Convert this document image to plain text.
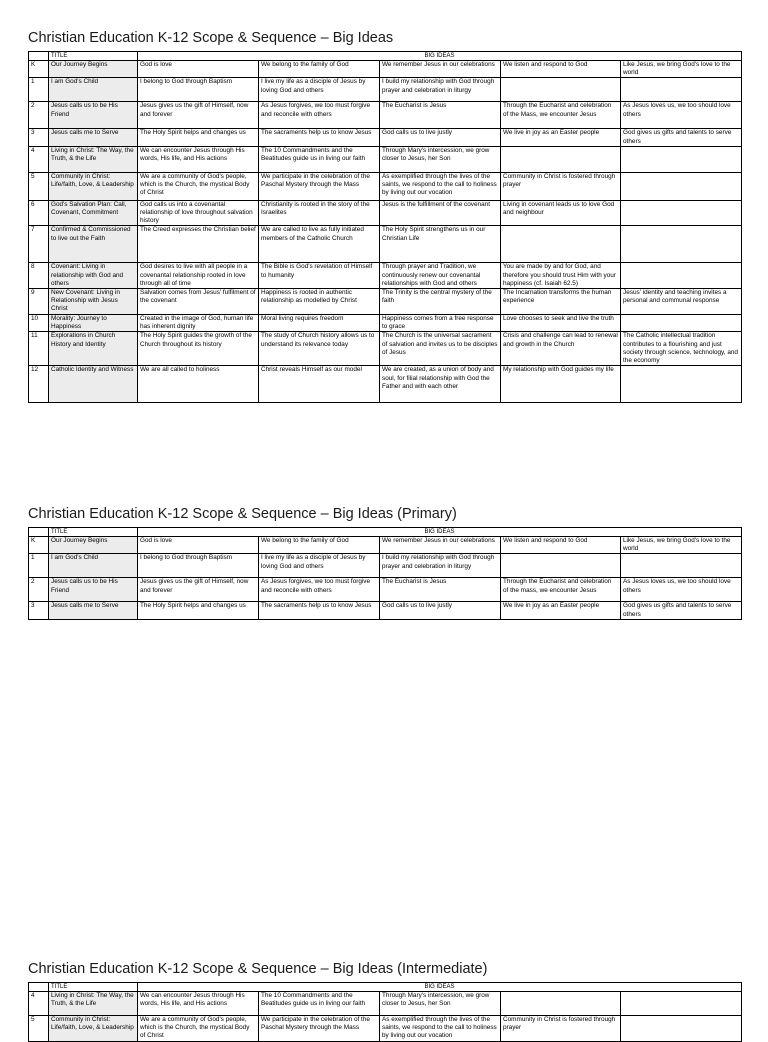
Christian Education K-12 Scope & Sequence – Big Ideas
	TITLE	BIG IDEAS				
K	Our Journey Begins	God is love	We belong to the family of God	We remember Jesus in our celebrations	We listen and respond to God	Like Jesus, we bring God's love to the world
1	I am God's Child	I belong to God through Baptism	I live my life as a disciple of Jesus by loving God and others	I build my relationship with God through prayer and celebration in liturgy		
2	Jesus calls us to be His Friend	Jesus gives us the gift of Himself, now and forever	As Jesus forgives, we too must forgive and reconcile with others	The Eucharist is Jesus	Through the Eucharist and celebration of the Mass, we encounter Jesus	As Jesus loves us, we too should love others
3	Jesus calls me to Serve	The Holy Spirit helps and changes us	The sacraments help us to know Jesus	God calls us to live justly	We live in joy as an Easter people	God gives us gifts and talents to serve others
4	Living in Christ: The Way, the Truth, & the Life	We can encounter Jesus through His words, His life, and His actions	The 10 Commandments and the Beatitudes guide us in living our faith	Through Mary's intercession, we grow closer to Jesus, her Son		
5	Community in Christ: Life/faith, Love, & Leadership	We are a community of God's people, which is the Church, the mystical Body of Christ	We participate in the celebration of the Paschal Mystery through the Mass	As exemplified through the lives of the saints, we respond to the call to holiness by living out our vocation	Community in Christ is fostered through prayer	
6	God's Salvation Plan: Call, Covenant, Commitment	God calls us into a covenantal relationship of love throughout salvation history	Christianity is rooted in the story of the Israelites	Jesus is the fulfillment of the covenant	Living in covenant leads us to love God and neighbour	
7	Confirmed & Commissioned to live out the Faith	The Creed expresses the Christian belief	We are called to live as fully initiated members of the Catholic Church	The Holy Spirit strengthens us in our Christian Life		
8	Covenant: Living in relationship with God and others	God desires to live with all people in a covenantal relationship rooted in love through all of time	The Bible is God's revelation of Himself to humanity	Through prayer and Tradition, we continuously renew our covenantal relationships with God and others	You are made by and for God, and therefore you should trust Him with your happiness (cf. Isaiah 62.5)	
9	New Covenant: Living in Relationship with Jesus Christ	Salvation comes from Jesus' fulfilment of the covenant	Happiness is rooted in authentic relationship as modelled by Christ	The Trinity is the central mystery of the faith	The Incarnation transforms the human experience	Jesus' identity and teaching invites a personal and communal response
10	Morality: Journey to Happiness	Created in the image of God, human life has inherent dignity	Moral living requires freedom	Happiness comes from a free response to grace	Love chooses to seek and live the truth	
11	Explorations in Church History and Identity	The Holy Spirit guides the growth of the Church throughout its history	The study of Church history allows us to understand its relevance today	The Church is the universal sacrament of salvation and invites us to be disciples of Jesus	Crisis and challenge can lead to renewal and growth in the Church	The Catholic intellectual tradition contributes to a flourishing and just society through science, technology, and the economy
12	Catholic Identity and Witness	We are all called to holiness	Christ reveals Himself as our model	We are created, as a union of body and soul, for filial relationship with God the Father and with each other	My relationship with God guides my life	
Christian Education K-12 Scope & Sequence – Big Ideas (Primary)
	TITLE	BIG IDEAS				
K	Our Journey Begins	God is love	We belong to the family of God	We remember Jesus in our celebrations	We listen and respond to God	Like Jesus, we bring God's love to the world
1	I am God's Child	I belong to God through Baptism	I live my life as a disciple of Jesus by loving God and others	I build my relationship with God through prayer and celebration in liturgy		
2	Jesus calls us to be His Friend	Jesus gives us the gift of Himself, now and forever	As Jesus forgives, we too must forgive and reconcile with others	The Eucharist is Jesus	Through the Eucharist and celebration of the mass, we encounter Jesus	As Jesus loves us, we too should love others
3	Jesus calls me to Serve	The Holy Spirit helps and changes us	The sacraments help us to know Jesus	God calls us to live justly	We live in joy as an Easter people	God gives us gifts and talents to serve others
Christian Education K-12 Scope & Sequence – Big Ideas (Intermediate)
	TITLE	BIG IDEAS				
4	Living in Christ: The Way, the Truth, & the Life	We can encounter Jesus through His words, His life, and His actions	The 10 Commandments and the Beatitudes guide us in living our faith	Through Mary's intercession, we grow closer to Jesus, her Son		
5	Community in Christ: Life/faith, Love, & Leadership	We are a community of God's people, which is the Church, the mystical Body of Christ	We participate in the celebration of the Paschal Mystery through the Mass	As exemplified through the lives of the saints, we respond to the call to holiness by living out our vocation	Community in Christ is fostered through prayer	
